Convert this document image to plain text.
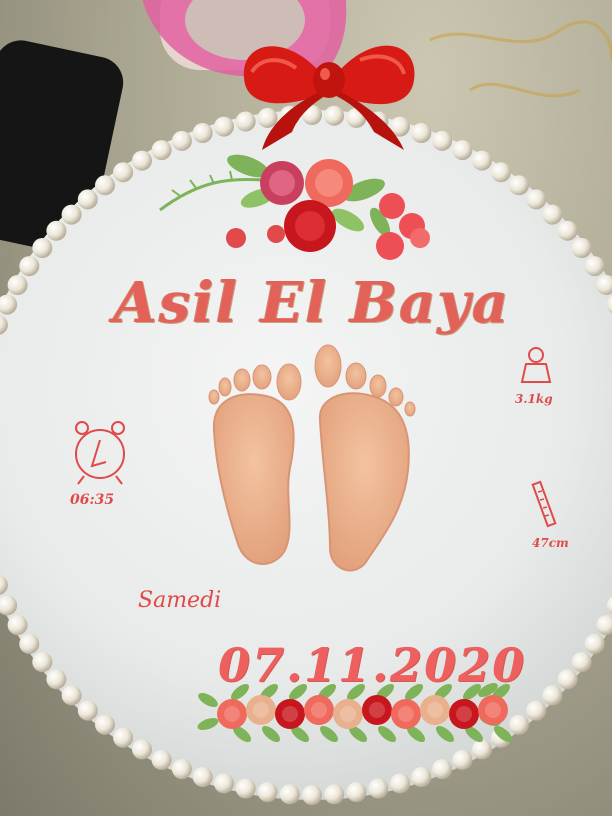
Asil El Baya

06:35

3.1kg

47cm

Samedi

07.11.2020
